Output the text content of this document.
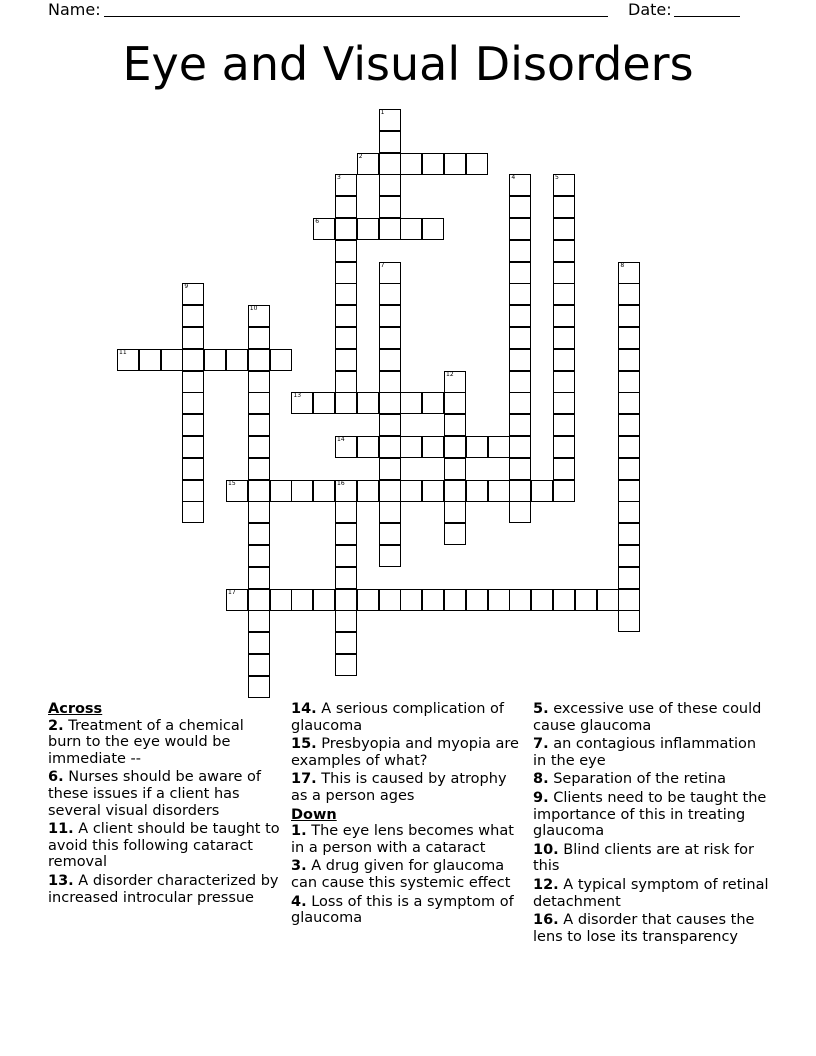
Name:	Date:
Eye and Visual Disorders
1
2
3	4	5
6
7	8
9
10
11
12
13
14
15	16
17
Across
2. Treatment of a chemical burn to the eye would be immediate --
6. Nurses should be aware of these issues if a client has several visual disorders
11. A client should be taught to avoid this following cataract removal
13. A disorder characterized by increased introcular pressue
14. A serious complication of glaucoma
15. Presbyopia and myopia are examples of what?
17. This is caused by atrophy as a person ages
Down
1. The eye lens becomes what in a person with a cataract
3. A drug given for glaucoma can cause this systemic effect
4. Loss of this is a symptom of glaucoma
5. excessive use of these could cause glaucoma
7. an contagious inflammation in the eye
8. Separation of the retina
9. Clients need to be taught the importance of this in treating glaucoma
10. Blind clients are at risk for this
12. A typical symptom of retinal detachment
16. A disorder that causes the lens to lose its transparency
